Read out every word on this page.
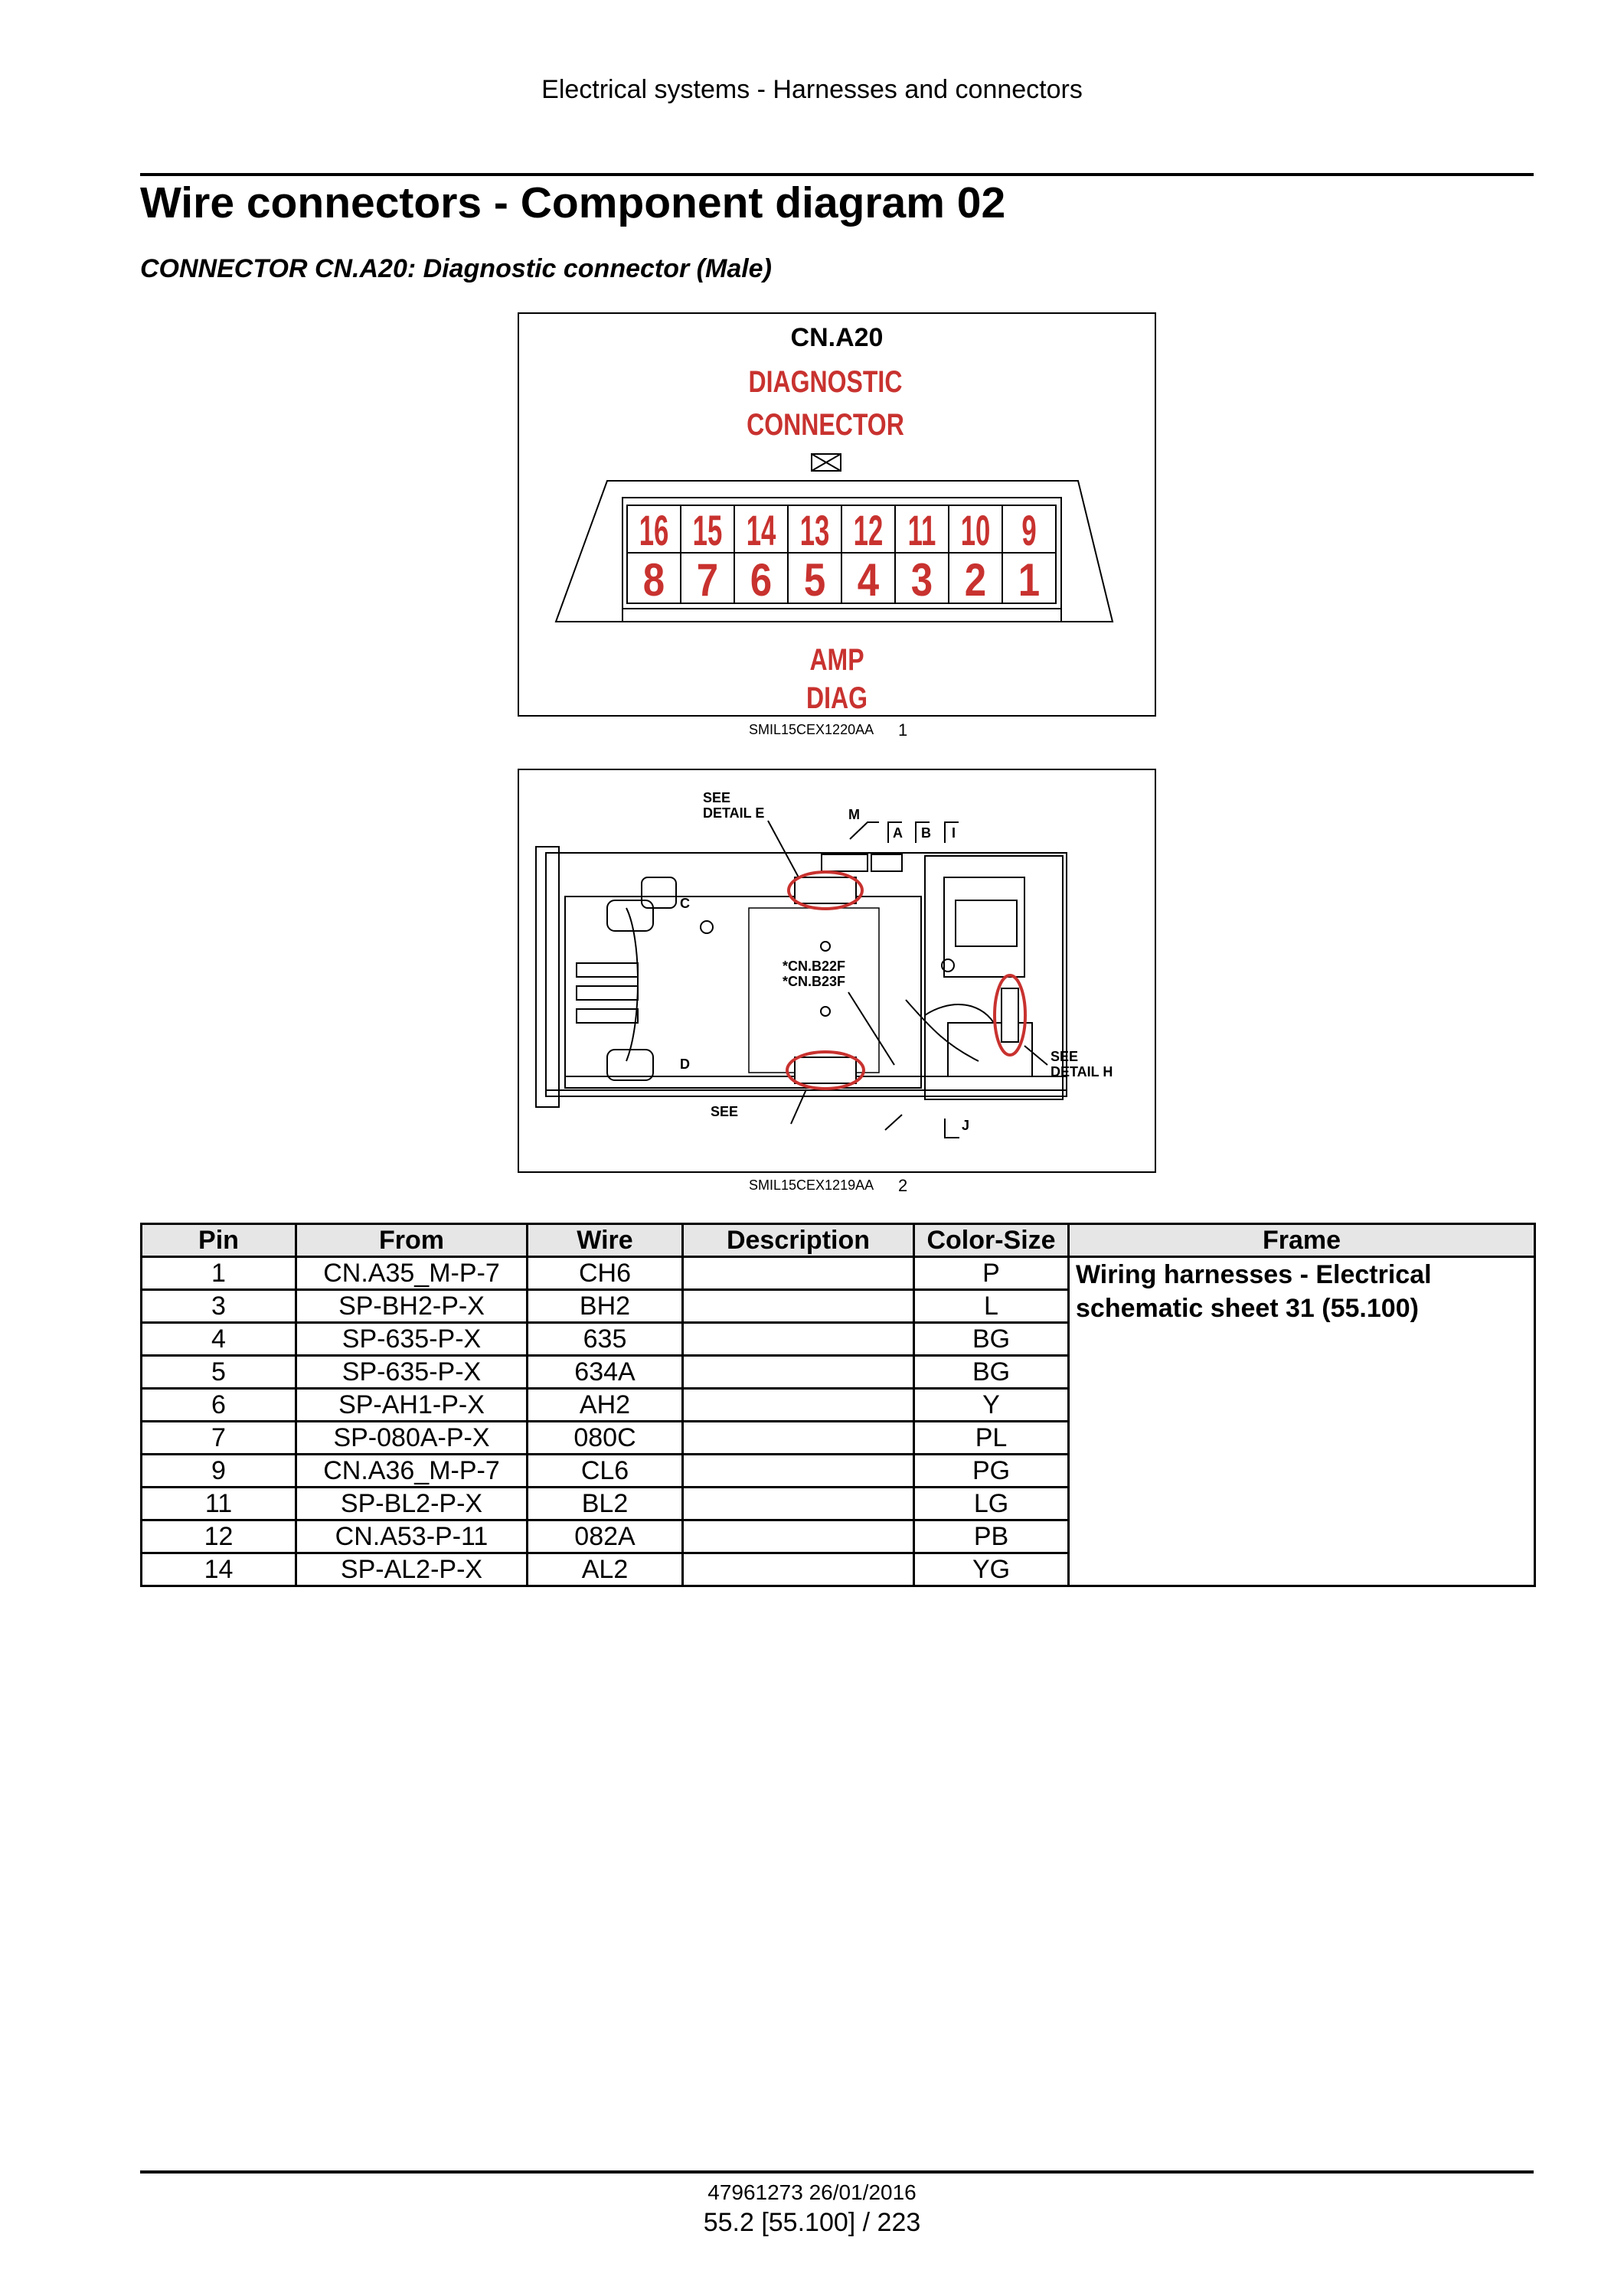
Electrical systems - Harnesses and connectors
Wire connectors - Component diagram 02
CONNECTOR CN.A20: Diagnostic connector (Male)
CN.A20
DIAGNOSTIC
CONNECTOR
16 15 14 13 12 11 10 9
8 7 6 5 4 3 2 1
AMP
DIAG
SMIL15CEX1220AA 1
SEE
DETAIL E	M
A B I
C
D
*CN.B22F
*CN.B23F
SEE
DETAIL H
SEE
J
SMIL15CEX1219AA 2
Pin	From	Wire	Description	Color-Size	Frame
1	CN.A35_M-P-7	CH6		P	Wiring harnesses - Electrical schematic sheet 31 (55.100)
3	SP-BH2-P-X	BH2		L	
4	SP-635-P-X	635		BG	
5	SP-635-P-X	634A		BG	
6	SP-AH1-P-X	AH2		Y	
7	SP-080A-P-X	080C		PL	
9	CN.A36_M-P-7	CL6		PG	
11	SP-BL2-P-X	BL2		LG	
12	CN.A53-P-11	082A		PB	
14	SP-AL2-P-X	AL2		YG	
47961273 26/01/2016
55.2 [55.100] / 223
